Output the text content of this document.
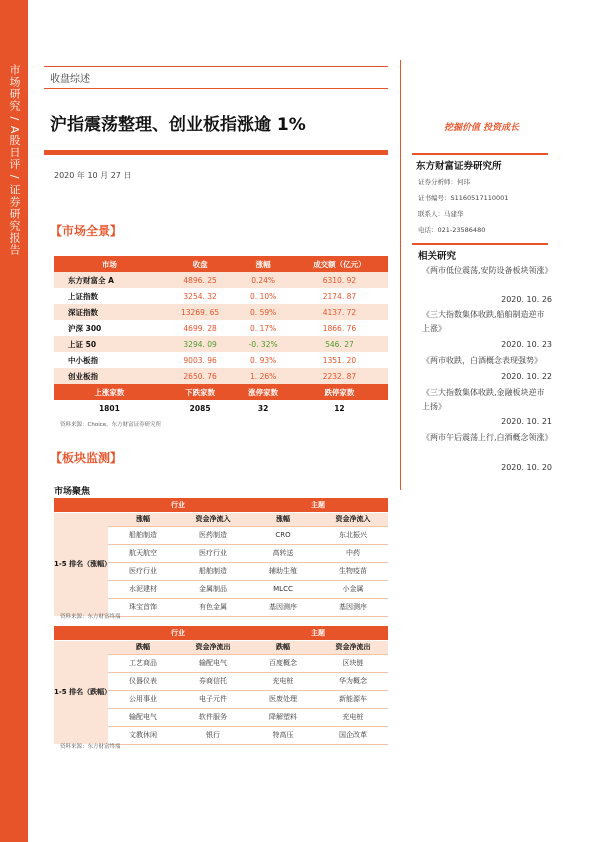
市场研究 / A股日评 / 证券研究报告	收盘综述
沪指震荡整理、创业板指涨逾 1%
2020 年 10 月 27 日
挖掘价值 投资成长
东方财富证券研究所
证券分析师：何玮
证书编号：S1160517110001
联系人：马建华
电话：021-23586480
相关研究
《两市低位震荡,安防设备板块领涨》
2020. 10. 26
《三大指数集体收跌,船舶制造逆市上涨》
2020. 10. 23
《两市收跌，白酒概念表现强势》
2020. 10. 22
《三大指数集体收跌,金融板块逆市上扬》
2020. 10. 21
《两市午后震荡上行,白酒概念领涨》
2020. 10. 20
【市场全景】
市场	收盘	涨幅	成交额（亿元）
东方财富全 A	4896. 25	0.24%	6310. 92
上证指数	3254. 32	0. 10%	2174. 87
深证指数	13269. 65	0. 59%	4137. 72
沪深 300	4699. 28	0. 17%	1866. 76
上证 50	3294. 09	-0. 32%	546. 27
中小板指	9003. 96	0. 93%	1351. 20
创业板指	2650. 76	1. 26%	2232. 87
上涨家数	下跌家数	涨停家数	跌停家数
1801	2085	32	12
资料来源：Choice，东方财富证券研究所
【板块监测】
市场聚焦
	行业		主题	
1-5 排名（涨幅）	涨幅	资金净流入	涨幅	资金净流入
	船舶制造	医药制造	CRO	东北振兴
	航天航空	医疗行业	高转送	中药
	医疗行业	船舶制造	辅助生殖	生物疫苗
	水泥建材	金属制品	MLCC	小金属
	珠宝首饰	有色金属	基因测序	基因测序
资料来源：东方财富终端
	行业		主题	
1-5 排名（跌幅）	跌幅	资金净流出	跌幅	资金净流出
	工艺商品	输配电气	百度概念	区块链
	仪器仪表	券商信托	充电桩	华为概念
	公用事业	电子元件	医废处理	新能源车
	输配电气	软件服务	降解塑料	充电桩
	文教休闲	银行	特高压	国企改革
资料来源：东方财富终端
